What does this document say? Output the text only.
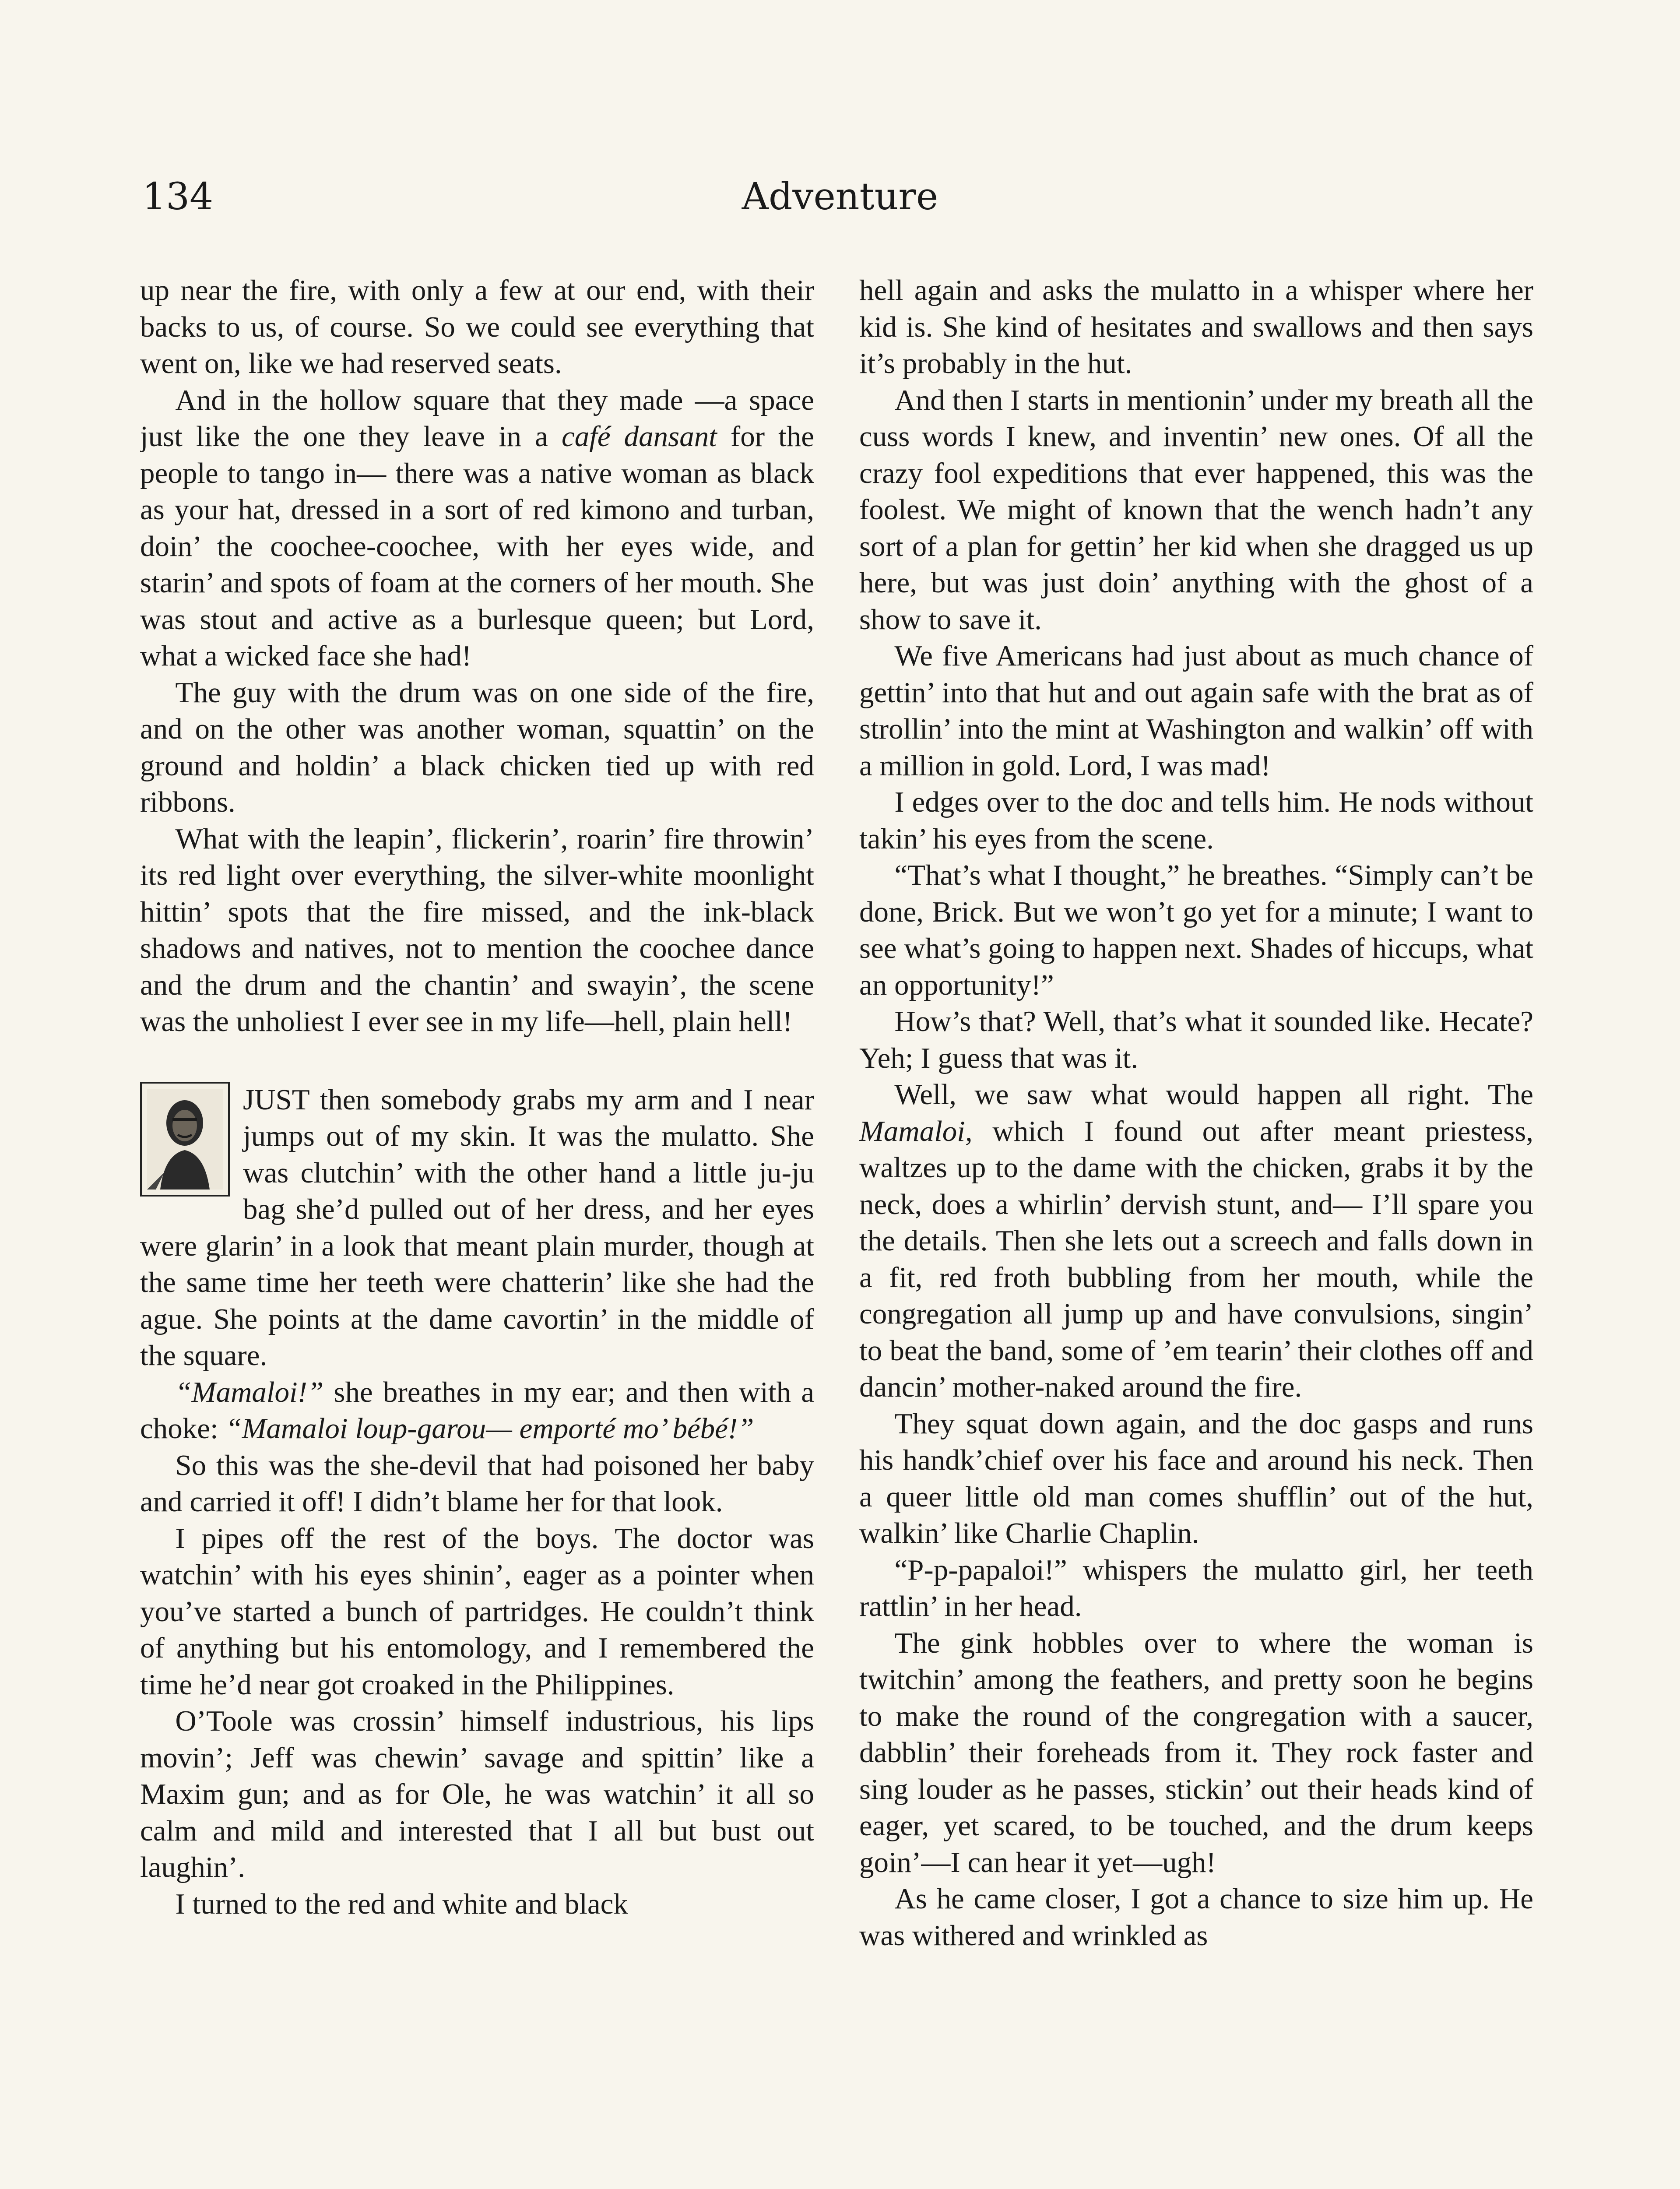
134	Adventure

up near the fire, with only a few at our end, with their backs to us, of course. So we could see everything that went on, like we had reserved seats.

And in the hollow square that they made —a space just like the one they leave in a café dansant for the people to tango in— there was a native woman as black as your hat, dressed in a sort of red kimono and turban, doin’ the coochee-coochee, with her eyes wide, and starin’ and spots of foam at the corners of her mouth. She was stout and active as a burlesque queen; but Lord, what a wicked face she had!

The guy with the drum was on one side of the fire, and on the other was another woman, squattin’ on the ground and holdin’ a black chicken tied up with red ribbons.

What with the leapin’, flickerin’, roarin’ fire throwin’ its red light over everything, the silver-white moonlight hittin’ spots that the fire missed, and the ink-black shadows and natives, not to mention the coochee dance and the drum and the chantin’ and swayin’, the scene was the unholiest I ever see in my life—hell, plain hell!

JUST then somebody grabs my arm and I near jumps out of my skin. It was the mulatto. She was clutchin’ with the other hand a little ju-ju bag she’d pulled out of her dress, and her eyes were glarin’ in a look that meant plain murder, though at the same time her teeth were chatterin’ like she had the ague. She points at the dame cavortin’ in the middle of the square.

“Mamaloi!” she breathes in my ear; and then with a choke: “Mamaloi loup-garou— emporté mo’ bébé!”

So this was the she-devil that had poisoned her baby and carried it off! I didn’t blame her for that look.

I pipes off the rest of the boys. The doctor was watchin’ with his eyes shinin’, eager as a pointer when you’ve started a bunch of partridges. He couldn’t think of anything but his entomology, and I remembered the time he’d near got croaked in the Philippines.

O’Toole was crossin’ himself industrious, his lips movin’; Jeff was chewin’ savage and spittin’ like a Maxim gun; and as for Ole, he was watchin’ it all so calm and mild and interested that I all but bust out laughin’.

I turned to the red and white and black

hell again and asks the mulatto in a whisper where her kid is. She kind of hesitates and swallows and then says it’s probably in the hut.

And then I starts in mentionin’ under my breath all the cuss words I knew, and inventin’ new ones. Of all the crazy fool expeditions that ever happened, this was the foolest. We might of known that the wench hadn’t any sort of a plan for gettin’ her kid when she dragged us up here, but was just doin’ anything with the ghost of a show to save it.

We five Americans had just about as much chance of gettin’ into that hut and out again safe with the brat as of strollin’ into the mint at Washington and walkin’ off with a million in gold. Lord, I was mad!

I edges over to the doc and tells him. He nods without takin’ his eyes from the scene.

“That’s what I thought,” he breathes. “Simply can’t be done, Brick. But we won’t go yet for a minute; I want to see what’s going to happen next. Shades of hiccups, what an opportunity!”

How’s that? Well, that’s what it sounded like. Hecate? Yeh; I guess that was it.

Well, we saw what would happen all right. The Mamaloi, which I found out after meant priestess, waltzes up to the dame with the chicken, grabs it by the neck, does a whirlin’ dervish stunt, and— I’ll spare you the details. Then she lets out a screech and falls down in a fit, red froth bubbling from her mouth, while the congregation all jump up and have convulsions, singin’ to beat the band, some of ’em tearin’ their clothes off and dancin’ mother-naked around the fire.

They squat down again, and the doc gasps and runs his handk’chief over his face and around his neck. Then a queer little old man comes shufflin’ out of the hut, walkin’ like Charlie Chaplin.

“P-p-papaloi!” whispers the mulatto girl, her teeth rattlin’ in her head.

The gink hobbles over to where the woman is twitchin’ among the feathers, and pretty soon he begins to make the round of the congregation with a saucer, dabblin’ their foreheads from it. They rock faster and sing louder as he passes, stickin’ out their heads kind of eager, yet scared, to be touched, and the drum keeps goin’—I can hear it yet—ugh!

As he came closer, I got a chance to size him up. He was withered and wrinkled as
